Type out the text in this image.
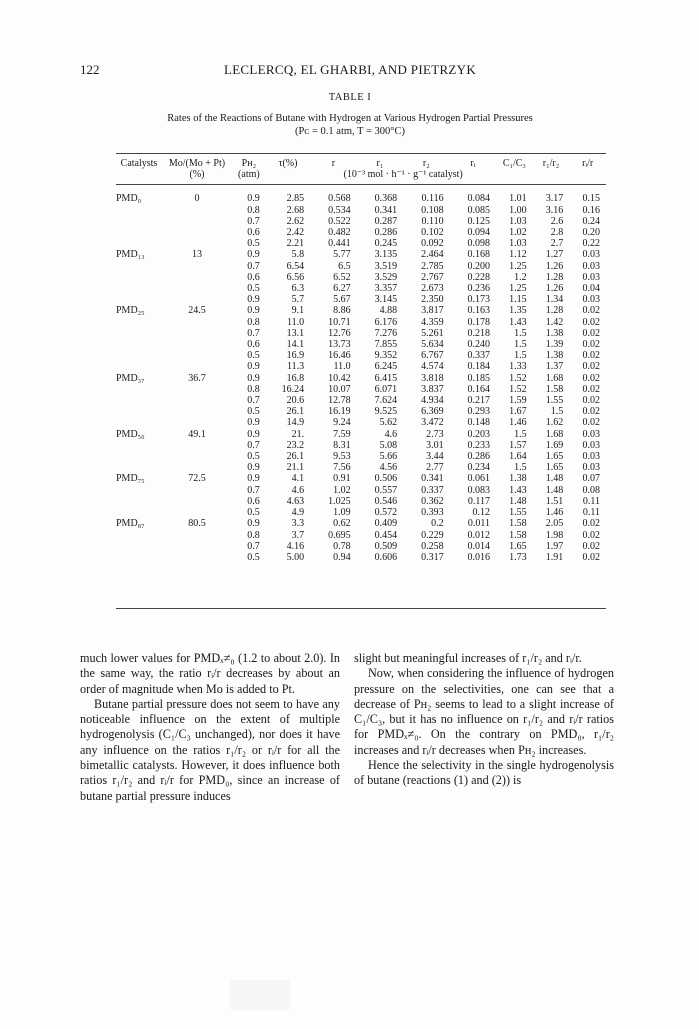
122	LECLERCQ, EL GHARBI, AND PIETRZYK
TABLE I
Rates of the Reactions of Butane with Hydrogen at Various Hydrogen Partial Pressures
(Pᴄ = 0.1 atm, T = 300°C)
Catalysts	Mo/(Mo + Pt)	Pʜ₂	τ(%)	r	r₁	r₂	rᵢ	C₁/C₃	r₁/r₂	rᵢ/r
	(%)	(atm)		(10⁻³ mol · h⁻¹ · g⁻¹ catalyst)						

PMD₀	0	0.9	2.85	0.568	0.368	0.116	0.084	1.01	3.17	0.15
		0.8	2.68	0.534	0.341	0.108	0.085	1.00	3.16	0.16
		0.7	2.62	0.522	0.287	0.110	0.125	1.03	2.6	0.24
		0.6	2.42	0.482	0.286	0.102	0.094	1.02	2.8	0.20
		0.5	2.21	0.441	0.245	0.092	0.098	1.03	2.7	0.22
PMD₁₃	13	0.9	5.8	5.77	3.135	2.464	0.168	1.12	1.27	0.03
		0.7	6.54	6.5	3.519	2.785	0.200	1.25	1.26	0.03
		0.6	6.56	6.52	3.529	2.767	0.228	1.2	1.28	0.03
		0.5	6.3	6.27	3.357	2.673	0.236	1.25	1.26	0.04
		0.9	5.7	5.67	3.145	2.350	0.173	1.15	1.34	0.03
PMD₂₅	24.5	0.9	9.1	8.86	4.88	3.817	0.163	1.35	1.28	0.02
		0.8	11.0	10.71	6.176	4.359	0.178	1.43	1.42	0.02
		0.7	13.1	12.76	7.276	5.261	0.218	1.5	1.38	0.02
		0.6	14.1	13.73	7.855	5.634	0.240	1.5	1.39	0.02
		0.5	16.9	16.46	9.352	6.767	0.337	1.5	1.38	0.02
		0.9	11.3	11.0	6.245	4.574	0.184	1.33	1.37	0.02
PMD₃₇	36.7	0.9	16.8	10.42	6.415	3.818	0.185	1.52	1.68	0.02
		0.8	16.24	10.07	6.071	3.837	0.164	1.52	1.58	0.02
		0.7	20.6	12.78	7.624	4.934	0.217	1.59	1.55	0.02
		0.5	26.1	16.19	9.525	6.369	0.293	1.67	1.5	0.02
		0.9	14.9	9.24	5.62	3.472	0.148	1.46	1.62	0.02
PMD₅₀	49.1	0.9	21.	7.59	4.6	2.73	0.203	1.5	1.68	0.03
		0.7	23.2	8.31	5.08	3.01	0.233	1.57	1.69	0.03
		0.5	26.1	9.53	5.66	3.44	0.286	1.64	1.65	0.03
		0.9	21.1	7.56	4.56	2.77	0.234	1.5	1.65	0.03
PMD₇₅	72.5	0.9	4.1	0.91	0.506	0.341	0.061	1.38	1.48	0.07
		0.7	4.6	1.02	0.557	0.337	0.083	1.43	1.48	0.08
		0.6	4.63	1.025	0.546	0.362	0.117	1.48	1.51	0.11
		0.5	4.9	1.09	0.572	0.393	0.12	1.55	1.46	0.11
PMD₈₇	80.5	0.9	3.3	0.62	0.409	0.2	0.011	1.58	2.05	0.02
		0.8	3.7	0.695	0.454	0.229	0.012	1.58	1.98	0.02
		0.7	4.16	0.78	0.509	0.258	0.014	1.65	1.97	0.02
		0.5	5.00	0.94	0.606	0.317	0.016	1.73	1.91	0.02

much lower values for PMDₓ≠₀ (1.2 to about 2.0). In the same way, the ratio rᵢ/r decreases by about an order of magnitude when Mo is added to Pt.

Butane partial pressure does not seem to have any noticeable influence on the extent of multiple hydrogenolysis (C₁/C₃ unchanged), nor does it have any influence on the ratios r₁/r₂ or rᵢ/r for all the bimetallic catalysts. However, it does influence both ratios r₁/r₂ and rᵢ/r for PMD₀, since an increase of butane partial pressure induces

slight but meaningful increases of r₁/r₂ and rᵢ/r.

Now, when considering the influence of hydrogen pressure on the selectivities, one can see that a decrease of Pʜ₂ seems to lead to a slight increase of C₁/C₃, but it has no influence on r₁/r₂ and rᵢ/r ratios for PMDₓ≠₀. On the contrary on PMD₀, r₁/r₂ increases and rᵢ/r decreases when Pʜ₂ increases.

Hence the selectivity in the single hydrogenolysis of butane (reactions (1) and (2)) is
